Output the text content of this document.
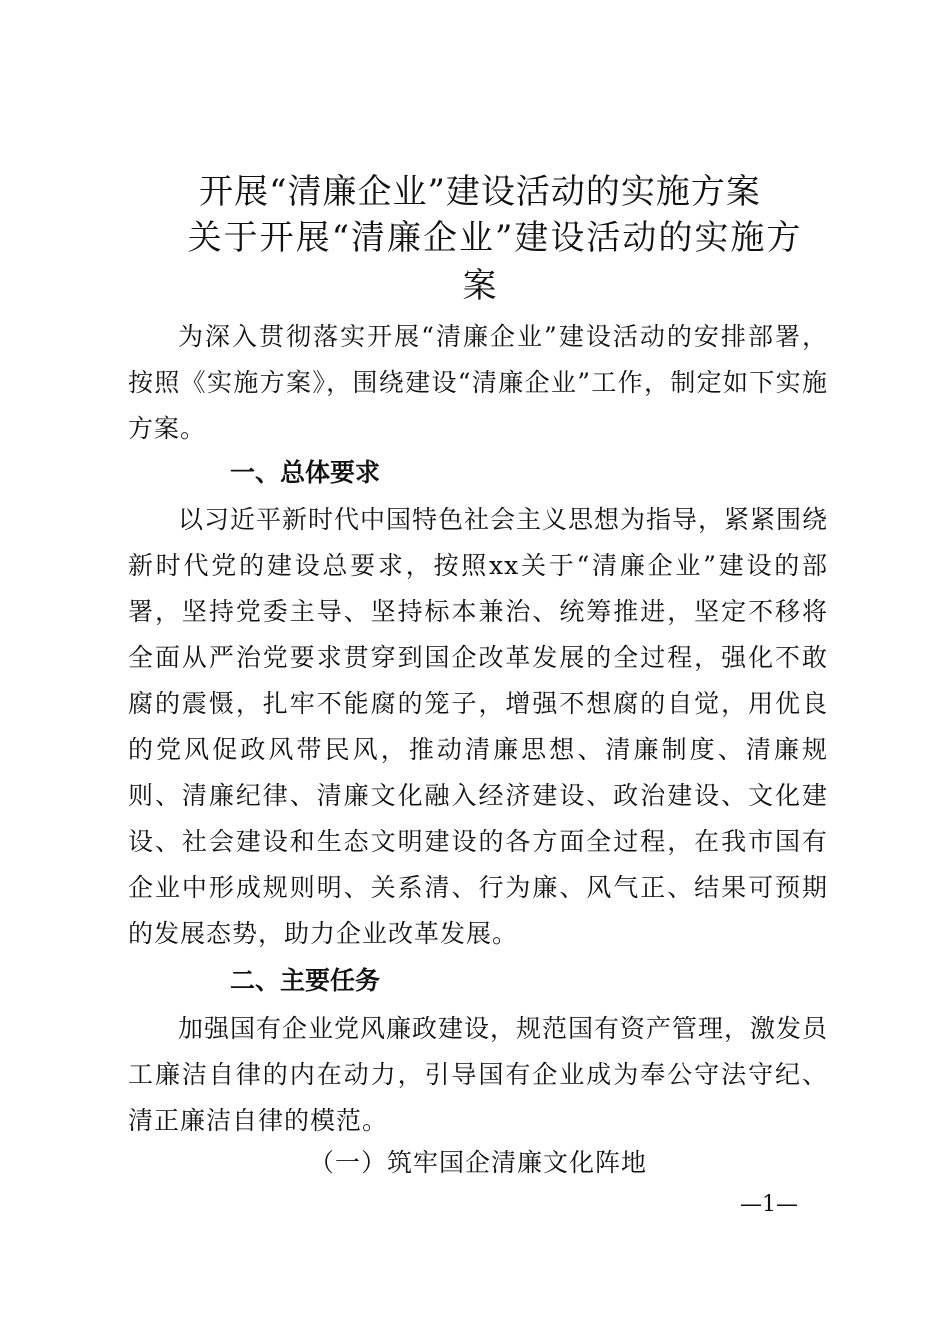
开展“清廉企业”建设活动的实施方案
关于开展“清廉企业”建设活动的实施方
案
为深入贯彻落实开展“清廉企业”建设活动的安排部署，按照《实施方案》，围绕建设“清廉企业”工作，制定如下实施方案。
一、总体要求
以习近平新时代中国特色社会主义思想为指导，紧紧围绕新时代党的建设总要求，按照xx关于“清廉企业”建设的部署，坚持党委主导、坚持标本兼治、统筹推进，坚定不移将全面从严治党要求贯穿到国企改革发展的全过程，强化不敢腐的震慑，扎牢不能腐的笼子，增强不想腐的自觉，用优良的党风促政风带民风，推动清廉思想、清廉制度、清廉规则、清廉纪律、清廉文化融入经济建设、政治建设、文化建设、社会建设和生态文明建设的各方面全过程，在我市国有企业中形成规则明、关系清、行为廉、风气正、结果可预期的发展态势，助力企业改革发展。
二、主要任务
加强国有企业党风廉政建设，规范国有资产管理，激发员工廉洁自律的内在动力，引导国有企业成为奉公守法守纪、清正廉洁自律的模范。
（一）筑牢国企清廉文化阵地
—1—
